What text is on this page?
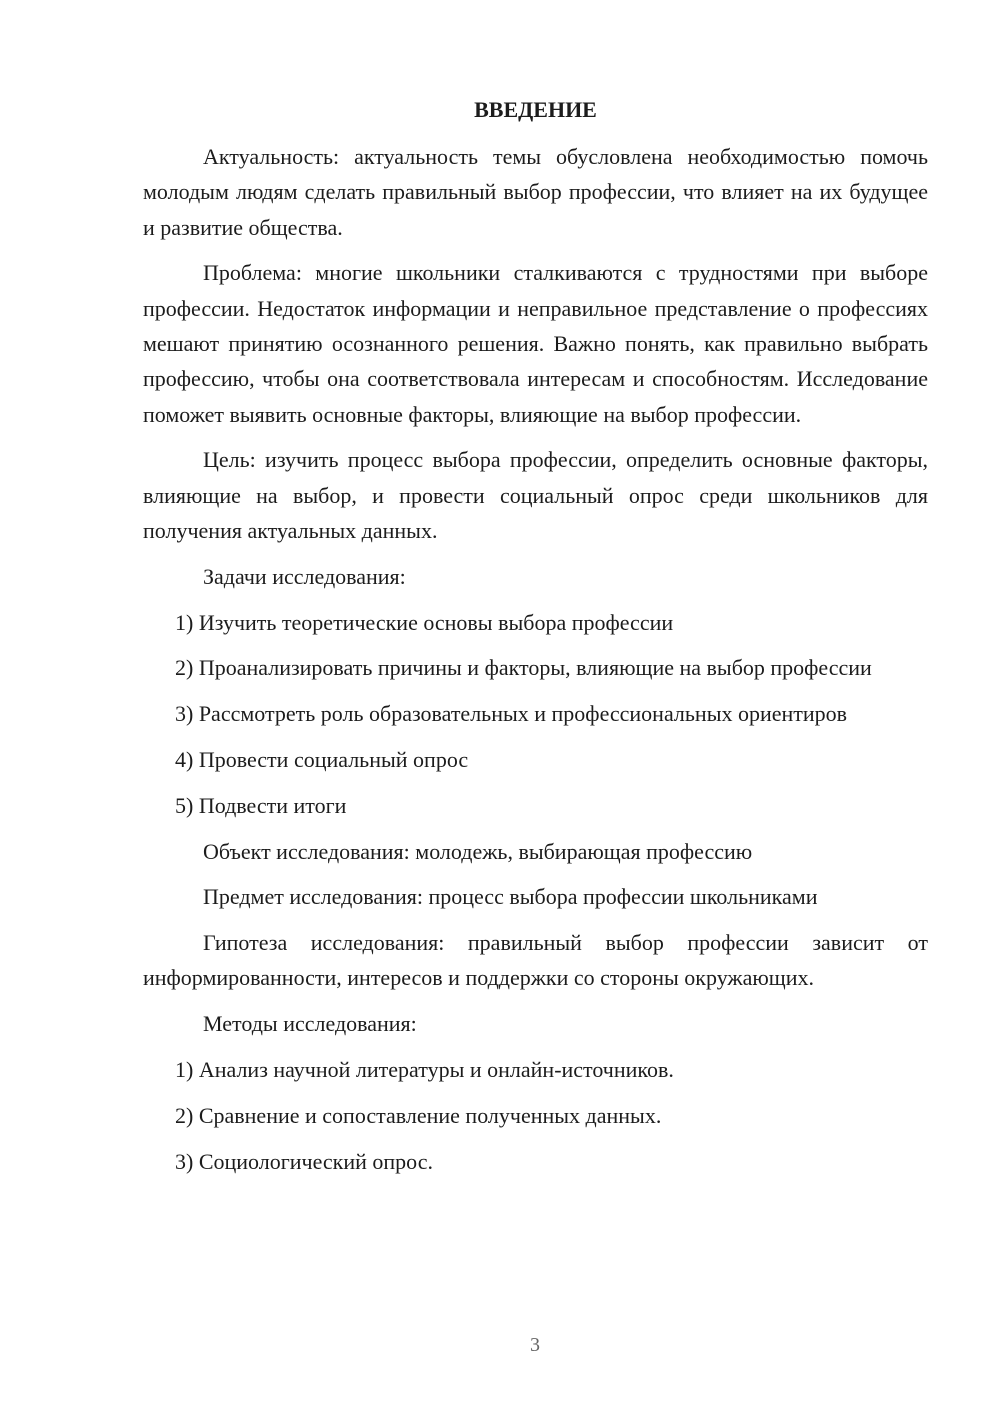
ВВЕДЕНИЕ

Актуальность: актуальность темы обусловлена необходимостью помочь молодым людям сделать правильный выбор профессии, что влияет на их будущее и развитие общества.

Проблема: многие школьники сталкиваются с трудностями при выборе профессии. Недостаток информации и неправильное представление о профессиях мешают принятию осознанного решения. Важно понять, как правильно выбрать профессию, чтобы она соответствовала интересам и способностям. Исследование поможет выявить основные факторы, влияющие на выбор профессии.

Цель: изучить процесс выбора профессии, определить основные факторы, влияющие на выбор, и провести социальный опрос среди школьников для получения актуальных данных.

Задачи исследования:

1) Изучить теоретические основы выбора профессии

2) Проанализировать причины и факторы, влияющие на выбор профессии

3) Рассмотреть роль образовательных и профессиональных ориентиров

4) Провести социальный опрос

5) Подвести итоги

Объект исследования: молодежь, выбирающая профессию

Предмет исследования: процесс выбора профессии школьниками

Гипотеза исследования: правильный выбор профессии зависит от информированности, интересов и поддержки со стороны окружающих.

Методы исследования:

1) Анализ научной литературы и онлайн-источников.

2) Сравнение и сопоставление полученных данных.

3) Социологический опрос.

3
